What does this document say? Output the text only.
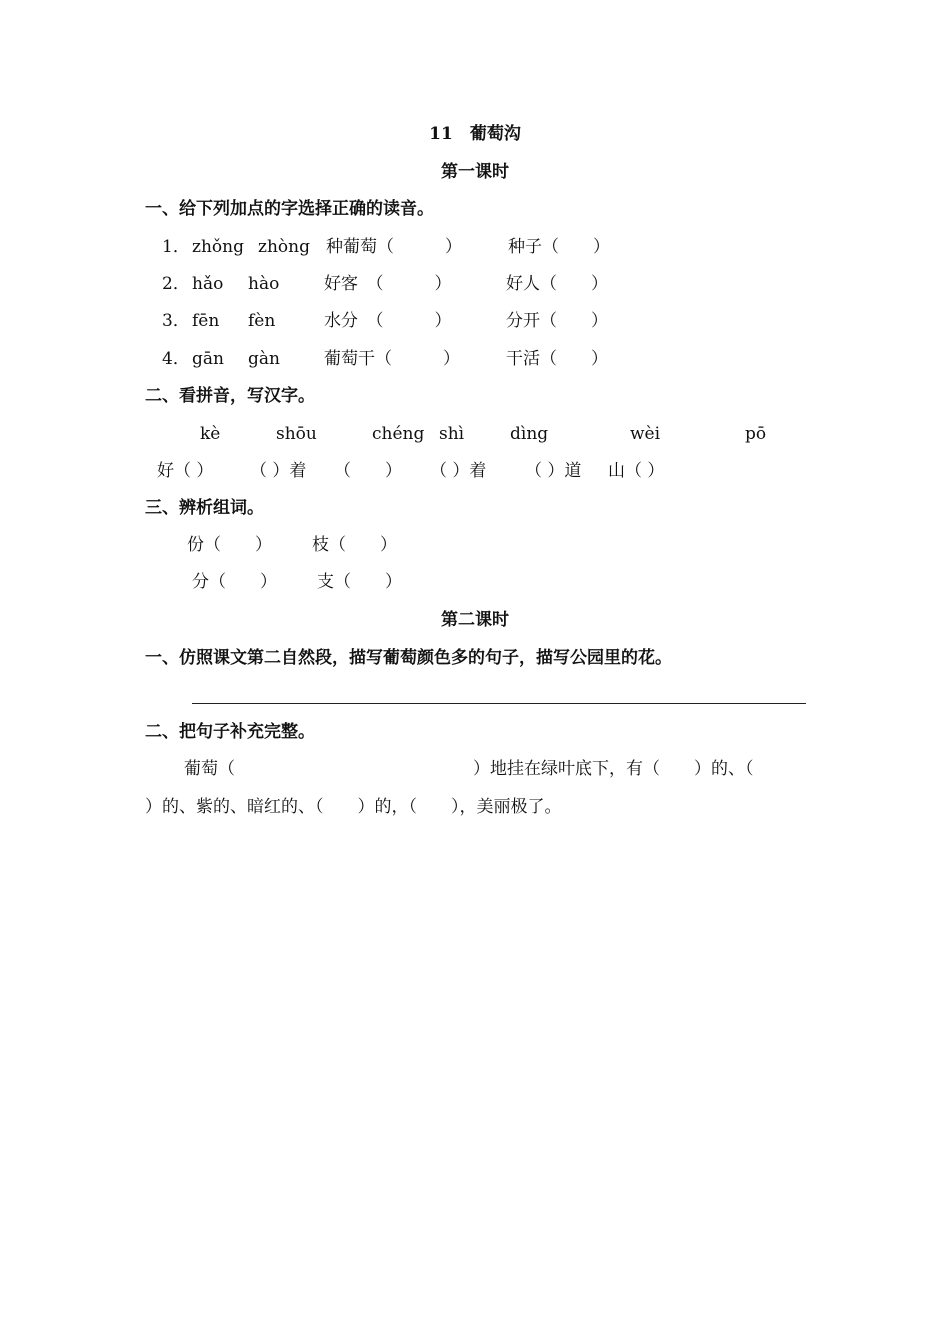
11　葡萄沟
第一课时
一、给下列加点的字选择正确的读音。
1． zhǒng zhòng 种葡萄（　　　）	种子（　　）
2． hǎo hào	好客　（　　　）	好人（　　）
3． fēn fèn	水分　（　　　）	分开（　　）
4． gān gàn	葡萄干（　　　）	干活（　　）
二、看拼音，写汉字。
kè	shōu	chéng shì	dìng	wèi	pō
好（ ） （ ）着 （　　） （ ）着 （ ）道 山（ ）
三、辨析组词。
份（　　） 枝（　　）
分（　　） 支（　　）
第二课时
一、仿照课文第二自然段，描写葡萄颜色多的句子，描写公园里的花。
二、把句子补充完整。
葡萄（　　　　　　　　　　　　　　）地挂在绿叶底下，有（　　）的、（
）的、紫的、暗红的、（　　）的，（　　），美丽极了。
